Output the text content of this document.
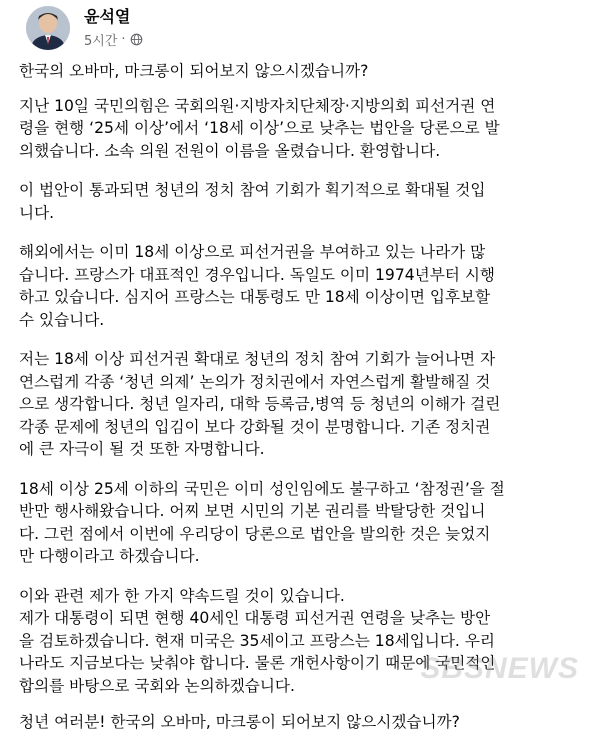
윤석열
5시간 ·

한국의 오바마, 마크롱이 되어보지 않으시겠습니까?

지난 10일 국민의힘은 국회의원·지방자치단체장·지방의회 피선거권 연
령을 현행 ‘25세 이상’에서 ‘18세 이상’으로 낮추는 법안을 당론으로 발
의했습니다. 소속 의원 전원이 이름을 올렸습니다. 환영합니다.

이 법안이 통과되면 청년의 정치 참여 기회가 획기적으로 확대될 것입
니다.

해외에서는 이미 18세 이상으로 피선거권을 부여하고 있는 나라가 많
습니다. 프랑스가 대표적인 경우입니다. 독일도 이미 1974년부터 시행
하고 있습니다. 심지어 프랑스는 대통령도 만 18세 이상이면 입후보할
수 있습니다.

저는 18세 이상 피선거권 확대로 청년의 정치 참여 기회가 늘어나면 자
연스럽게 각종 ‘청년 의제’ 논의가 정치권에서 자연스럽게 활발해질 것
으로 생각합니다. 청년 일자리, 대학 등록금,병역 등 청년의 이해가 걸린
각종 문제에 청년의 입김이 보다 강화될 것이 분명합니다. 기존 정치권
에 큰 자극이 될 것 또한 자명합니다.

18세 이상 25세 이하의 국민은 이미 성인임에도 불구하고 ‘참정권’을 절
반만 행사해왔습니다. 어찌 보면 시민의 기본 권리를 박탈당한 것입니
다. 그런 점에서 이번에 우리당이 당론으로 법안을 발의한 것은 늦었지
만 다행이라고 하겠습니다.

이와 관련 제가 한 가지 약속드릴 것이 있습니다.
제가 대통령이 되면 현행 40세인 대통령 피선거권 연령을 낮추는 방안
을 검토하겠습니다. 현재 미국은 35세이고 프랑스는 18세입니다. 우리
나라도 지금보다는 낮춰야 합니다. 물론 개헌사항이기 때문에 국민적인
합의를 바탕으로 국회와 논의하겠습니다.

청년 여러분! 한국의 오바마, 마크롱이 되어보지 않으시겠습니까?

SBSNEWS
